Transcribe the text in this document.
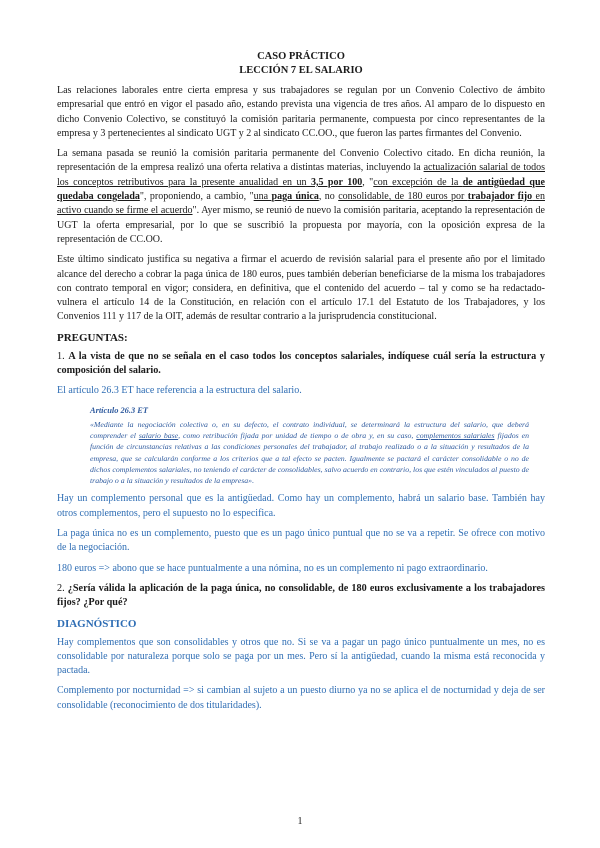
CASO PRÁCTICO

LECCIÓN 7 EL SALARIO

Las relaciones laborales entre cierta empresa y sus trabajadores se regulan por un Convenio Colectivo de ámbito empresarial que entró en vigor el pasado año, estando prevista una vigencia de tres años. Al amparo de lo dispuesto en dicho Convenio Colectivo, se constituyó la comisión paritaria permanente, compuesta por cinco representantes de la empresa y 3 pertenecientes al sindicato UGT y 2 al sindicato CC.OO., que fueron las partes firmantes del Convenio.

La semana pasada se reunió la comisión paritaria permanente del Convenio Colectivo citado. En dicha reunión, la representación de la empresa realizó una oferta relativa a distintas materias, incluyendo la actualización salarial de todos los conceptos retributivos para la presente anualidad en un 3,5 por 100, "con excepción de la de antigüedad que quedaba congelada", proponiendo, a cambio, "una paga única, no consolidable, de 180 euros por trabajador fijo en activo cuando se firme el acuerdo". Ayer mismo, se reunió de nuevo la comisión paritaria, aceptando la representación de UGT la oferta empresarial, por lo que se suscribió la propuesta por mayoría, con la oposición expresa de la representación de CC.OO.

Este último sindicato justifica su negativa a firmar el acuerdo de revisión salarial para el presente año por el limitado alcance del derecho a cobrar la paga única de 180 euros, pues también deberían beneficiarse de la misma los trabajadores con contrato temporal en vigor; considera, en definitiva, que el contenido del acuerdo – tal y como se ha redactado- vulnera el artículo 14 de la Constitución, en relación con el artículo 17.1 del Estatuto de los Trabajadores, y los Convenios 111 y 117 de la OIT, además de resultar contrario a la jurisprudencia constitucional.

PREGUNTAS:

1. A la vista de que no se señala en el caso todos los conceptos salariales, indíquese cuál sería la estructura y composición del salario.

El artículo 26.3 ET hace referencia a la estructura del salario.

Artículo 26.3 ET

«Mediante la negociación colectiva o, en su defecto, el contrato individual, se determinará la estructura del salario, que deberá comprender el salario base, como retribución fijada por unidad de tiempo o de obra y, en su caso, complementos salariales fijados en función de circunstancias relativas a las condiciones personales del trabajador, al trabajo realizado o a la situación y resultados de la empresa, que se calcularán conforme a los criterios que a tal efecto se pacten. Igualmente se pactará el carácter consolidable o no de dichos complementos salariales, no teniendo el carácter de consolidables, salvo acuerdo en contrario, los que estén vinculados al puesto de trabajo o a la situación y resultados de la empresa».

Hay un complemento personal que es la antigüedad. Como hay un complemento, habrá un salario base. También hay otros complementos, pero el supuesto no lo especifica.

La paga única no es un complemento, puesto que es un pago único puntual que no se va a repetir. Se ofrece con motivo de la negociación.

180 euros => abono que se hace puntualmente a una nómina, no es un complemento ni pago extraordinario.

2. ¿Sería válida la aplicación de la paga única, no consolidable, de 180 euros exclusivamente a los trabajadores fijos? ¿Por qué?

DIAGNÓSTICO

Hay complementos que son consolidables y otros que no. Si se va a pagar un pago único puntualmente un mes, no es consolidable por naturaleza porque solo se paga por un mes. Pero sí la antigüedad, cuando la misma está reconocida y pactada.

Complemento por nocturnidad => si cambian al sujeto a un puesto diurno ya no se aplica el de nocturnidad y deja de ser consolidable (reconocimiento de dos titularidades).

1
